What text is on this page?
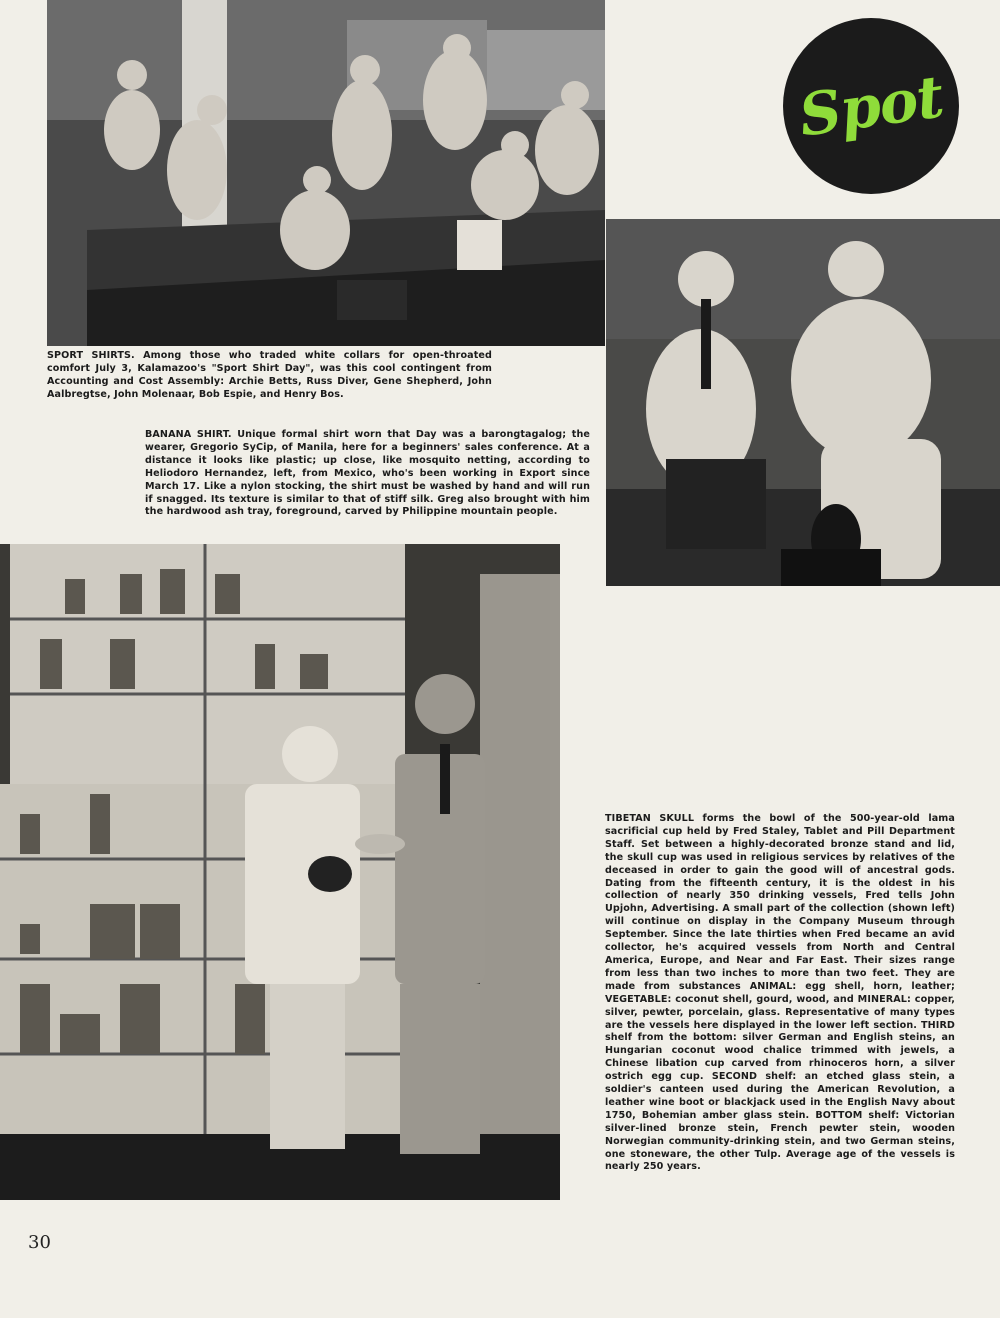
Spot

SPORT SHIRTS. Among those who traded white collars for open-throated comfort July 3, Kalamazoo's "Sport Shirt Day", was this cool contingent from Accounting and Cost Assembly: Archie Betts, Russ Diver, Gene Shepherd, John Aalbregtse, John Molenaar, Bob Espie, and Henry Bos.

BANANA SHIRT. Unique formal shirt worn that Day was a barongtagalog; the wearer, Gregorio SyCip, of Manila, here for a beginners' sales conference. At a distance it looks like plastic; up close, like mosquito netting, according to Heliodoro Hernandez, left, from Mexico, who's been working in Export since March 17. Like a nylon stocking, the shirt must be washed by hand and will run if snagged. Its texture is similar to that of stiff silk. Greg also brought with him the hardwood ash tray, foreground, carved by Philippine mountain people.

TIBETAN SKULL forms the bowl of the 500-year-old lama sacrificial cup held by Fred Staley, Tablet and Pill Department Staff. Set between a highly-decorated bronze stand and lid, the skull cup was used in religious services by relatives of the deceased in order to gain the good will of ancestral gods. Dating from the fifteenth century, it is the oldest in his collection of nearly 350 drinking vessels, Fred tells John Upjohn, Advertising. A small part of the collection (shown left) will continue on display in the Company Museum through September. Since the late thirties when Fred became an avid collector, he's acquired vessels from North and Central America, Europe, and Near and Far East. Their sizes range from less than two inches to more than two feet. They are made from substances ANIMAL: egg shell, horn, leather; VEGETABLE: coconut shell, gourd, wood, and MINERAL: copper, silver, pewter, porcelain, glass. Representative of many types are the vessels here displayed in the lower left section. THIRD shelf from the bottom: silver German and English steins, an Hungarian coconut wood chalice trimmed with jewels, a Chinese libation cup carved from rhinoceros horn, a silver ostrich egg cup. SECOND shelf: an etched glass stein, a soldier's canteen used during the American Revolution, a leather wine boot or blackjack used in the English Navy about 1750, Bohemian amber glass stein. BOTTOM shelf: Victorian silver-lined bronze stein, French pewter stein, wooden Norwegian community-drinking stein, and two German steins, one stoneware, the other Tulp. Average age of the vessels is nearly 250 years.

30
